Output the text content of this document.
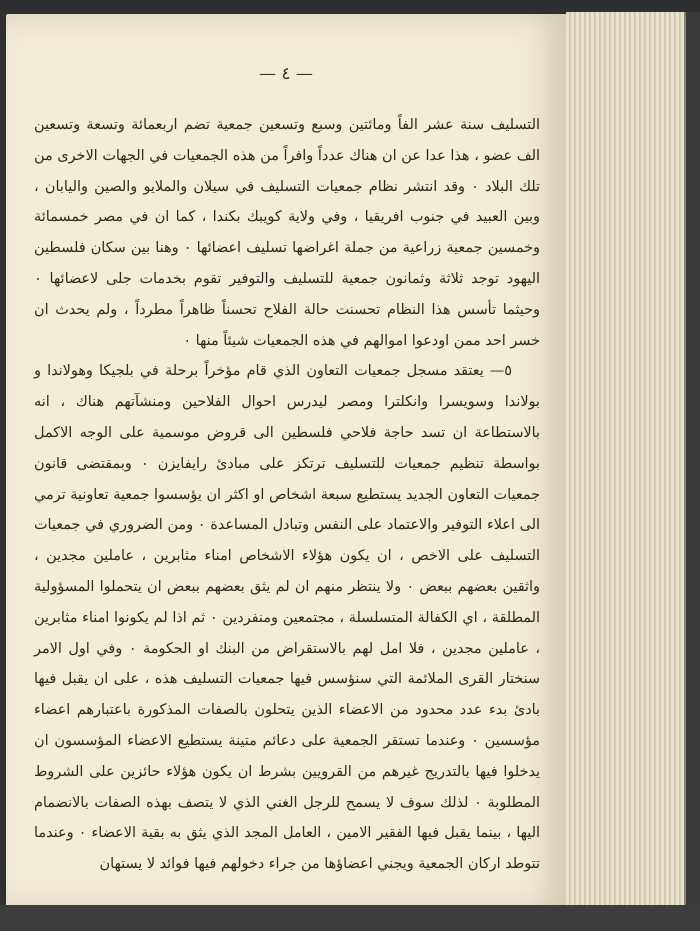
— ٤ —

التسليف سنة عشر الفاً ومائتين وسبع وتسعين جمعية تضم اربعمائة وتسعة وتسعين الف عضو ، هذا عدا عن ان هناك عدداً وافراً من هذه الجمعيات في الجهات الاخرى من تلك البلاد ٠ وقد انتشر نظام جمعيات التسليف في سيلان والملايو والصين واليابان ، وبين العبيد في جنوب افريقيا ، وفي ولاية كويبك بكندا ، كما ان في مصر خمسمائة وخمسين جمعية زراعية من جملة اغراضها تسليف اعضائها ٠ وهنا بين سكان فلسطين اليهود توجد ثلاثة وثمانون جمعية للتسليف والتوفير تقوم بخدمات جلى لاعضائها ٠ وحيثما تأسس هذا النظام تحسنت حالة الفلاح تحسناً ظاهراً مطرداً ، ولم يحدث ان خسر احد ممن اودعوا اموالهم في هذه الجمعيات شيئاً منها ٠

٥— يعتقد مسجل جمعيات التعاون الذي قام مؤخراً برحلة في بلجيكا وهولاندا و بولاندا وسويسرا وانكلترا ومصر ليدرس احوال الفلاحين ومنشآتهم هناك ، انه بالاستطاعة ان تسد حاجة فلاحي فلسطين الى قروض موسمية على الوجه الاكمل بواسطة تنظيم جمعيات للتسليف ترتكز على مبادئ رايفايزن ٠ وبمقتضى قانون جمعيات التعاون الجديد يستطيع سبعة اشخاص او اكثر ان يؤسسوا جمعية تعاونية ترمي الى اعلاء التوفير والاعتماد على النفس وتبادل المساعدة ٠ ومن الضروري في جمعيات التسليف على الاخص ، ان يكون هؤلاء الاشخاص امناء مثابرين ، عاملين مجدين ، واثقين بعضهم ببعض ٠ ولا ينتظر منهم ان لم يثق بعضهم ببعض ان يتحملوا المسؤولية المطلقة ، اي الكفالة المتسلسلة ، مجتمعين ومنفردين ٠ ثم اذا لم يكونوا امناء مثابرين ، عاملين مجدين ، فلا امل لهم بالاستقراض من البنك او الحكومة ٠ وفي اول الامر سنختار القرى الملائمة التي سنؤسس فيها جمعيات التسليف هذه ، على ان يقبل فيها بادئ بدء عدد محدود من الاعضاء الذين يتحلون بالصفات المذكورة باعتبارهم اعضاء مؤسسين ٠ وعندما تستقر الجمعية على دعائم متينة يستطيع الاعضاء المؤسسون ان يدخلوا فيها بالتدريج غيرهم من القرويين بشرط ان يكون هؤلاء حائزين على الشروط المطلوبة ٠ لذلك سوف لا يسمح للرجل الغني الذي لا يتصف بهذه الصفات بالانضمام اليها ، بينما يقبل فيها الفقير الامين ، العامل المجد الذي يثق به بقية الاعضاء ٠ وعندما تتوطد اركان الجمعية ويجني اعضاؤها من جراء دخولهم فيها فوائد لا يستهان
